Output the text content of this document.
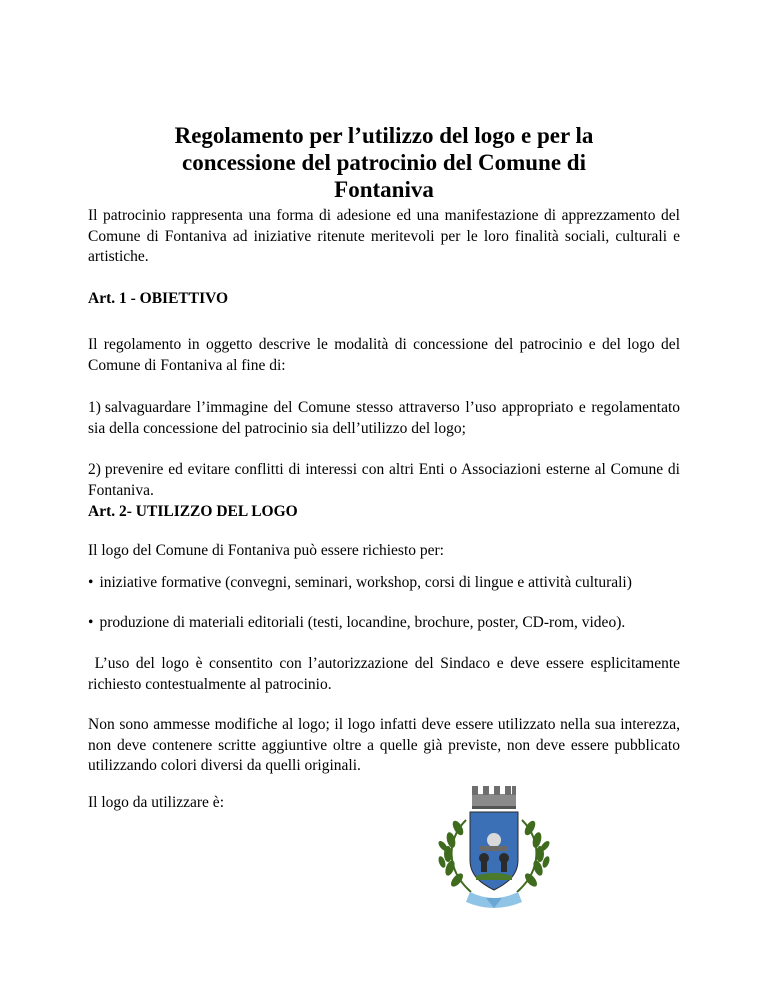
Regolamento per l’utilizzo del logo e per la
concessione del patrocinio del Comune di
Fontaniva
Il patrocinio rappresenta una forma di adesione ed una manifestazione di apprezzamento del Comune di Fontaniva ad iniziative ritenute meritevoli per le loro finalità sociali, culturali e artistiche.
Art. 1 - OBIETTIVO
Il regolamento in oggetto descrive le modalità di concessione del patrocinio e del logo del Comune di Fontaniva al fine di:
1) salvaguardare l’immagine del Comune stesso attraverso l’uso appropriato e regolamentato sia della concessione del patrocinio sia dell’utilizzo del logo;
2) prevenire ed evitare conflitti di interessi con altri Enti o Associazioni esterne al Comune di Fontaniva.
Art. 2- UTILIZZO DEL LOGO
Il logo del Comune di Fontaniva può essere richiesto per:
• iniziative formative (convegni, seminari, workshop, corsi di lingue e attività culturali)
• produzione di materiali editoriali (testi, locandine, brochure, poster, CD-rom, video).
L’uso del logo è consentito con l’autorizzazione del Sindaco e deve essere esplicitamente richiesto contestualmente al patrocinio.
Non sono ammesse modifiche al logo; il logo infatti deve essere utilizzato nella sua interezza, non deve contenere scritte aggiuntive oltre a quelle già previste, non deve essere pubblicato utilizzando colori diversi da quelli originali.
Il logo da utilizzare è:
